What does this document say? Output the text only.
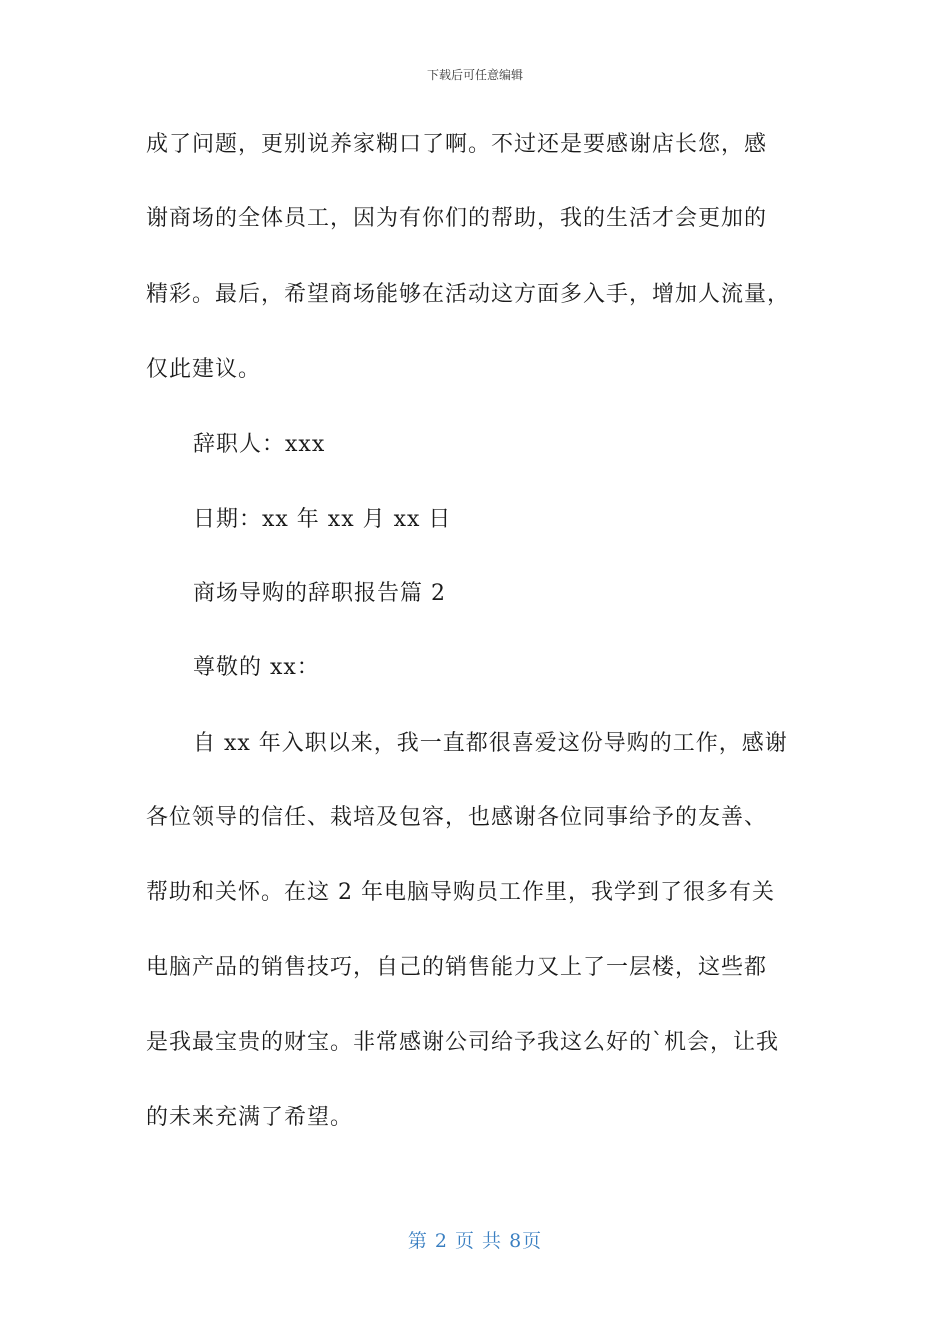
下载后可任意编辑
成了问题，更别说养家糊口了啊。不过还是要感谢店长您，感
谢商场的全体员工，因为有你们的帮助，我的生活才会更加的
精彩。最后，希望商场能够在活动这方面多入手，增加人流量，
仅此建议。
辞职人：xxx
日期：xx 年 xx 月 xx 日
商场导购的辞职报告篇 2
尊敬的 xx：
自 xx 年入职以来，我一直都很喜爱这份导购的工作，感谢
各位领导的信任、栽培及包容，也感谢各位同事给予的友善、
帮助和关怀。在这 2 年电脑导购员工作里，我学到了很多有关
电脑产品的销售技巧，自己的销售能力又上了一层楼，这些都
是我最宝贵的财宝。非常感谢公司给予我这么好的`机会，让我
的未来充满了希望。
第 2 页 共 8页
